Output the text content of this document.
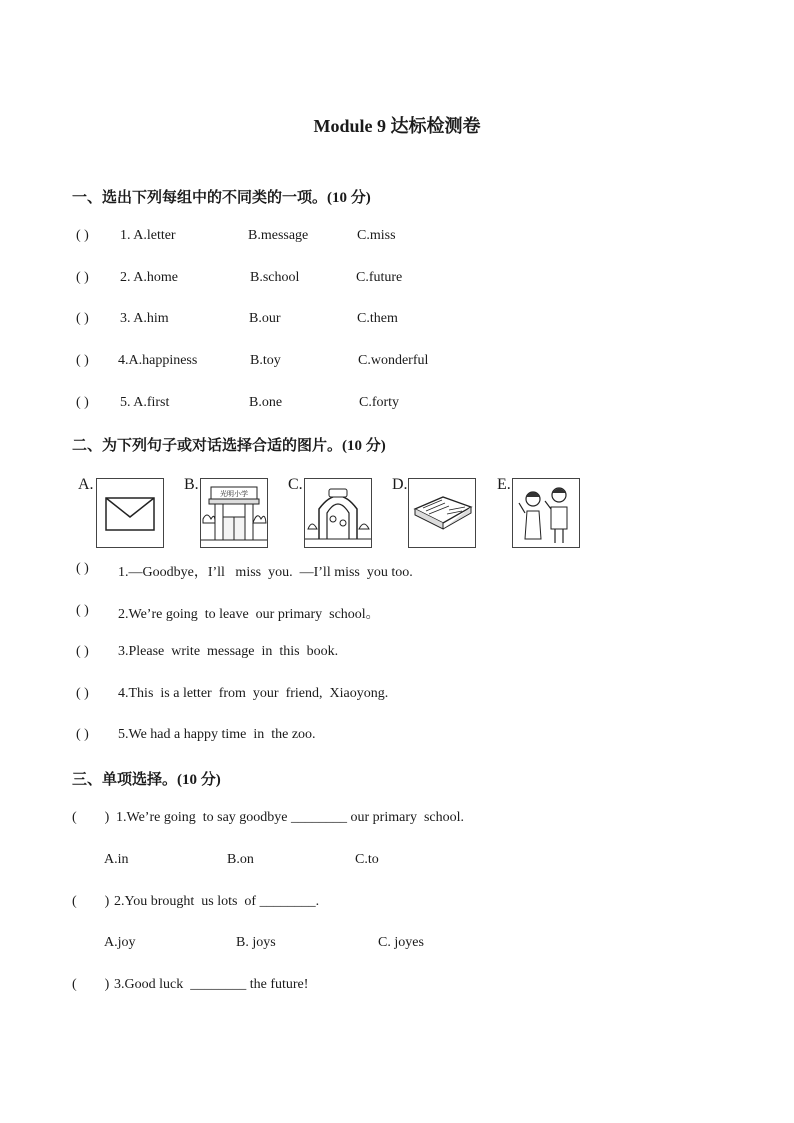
Module 9 达标检测卷
一、选出下列每组中的不同类的一项。(10 分)
( ) 1. A.letter	B.message	C.miss
( ) 2. A.home	B.school	C.future
( ) 3. A.him	B.our	C.them
( ) 4.A.happiness	B.toy	C.wonderful
( ) 5. A.first	B.one	C.forty
二、为下列句子或对话选择合适的图片。(10 分)
A.	B.
光明小学
C.	D.	E.
( ) 1.—Goodbye，I’ll   miss  you.  —I’ll miss  you too.
( ) 2.We’re going  to leave  our primary  school。
( ) 3.Please  write  message  in  this  book.
( ) 4.This  is a letter  from  your  friend,  Xiaoyong.
( ) 5.We had a happy time  in  the zoo.
三、单项选择。(10 分)
(        ) 1.We’re going  to say goodbye ________ our primary  school.
A.in	B.on	C.to
(        ) 2.You brought  us lots  of ________.
A.joy	B. joys	C. joyes
(        ) 3.Good luck  ________ the future!
